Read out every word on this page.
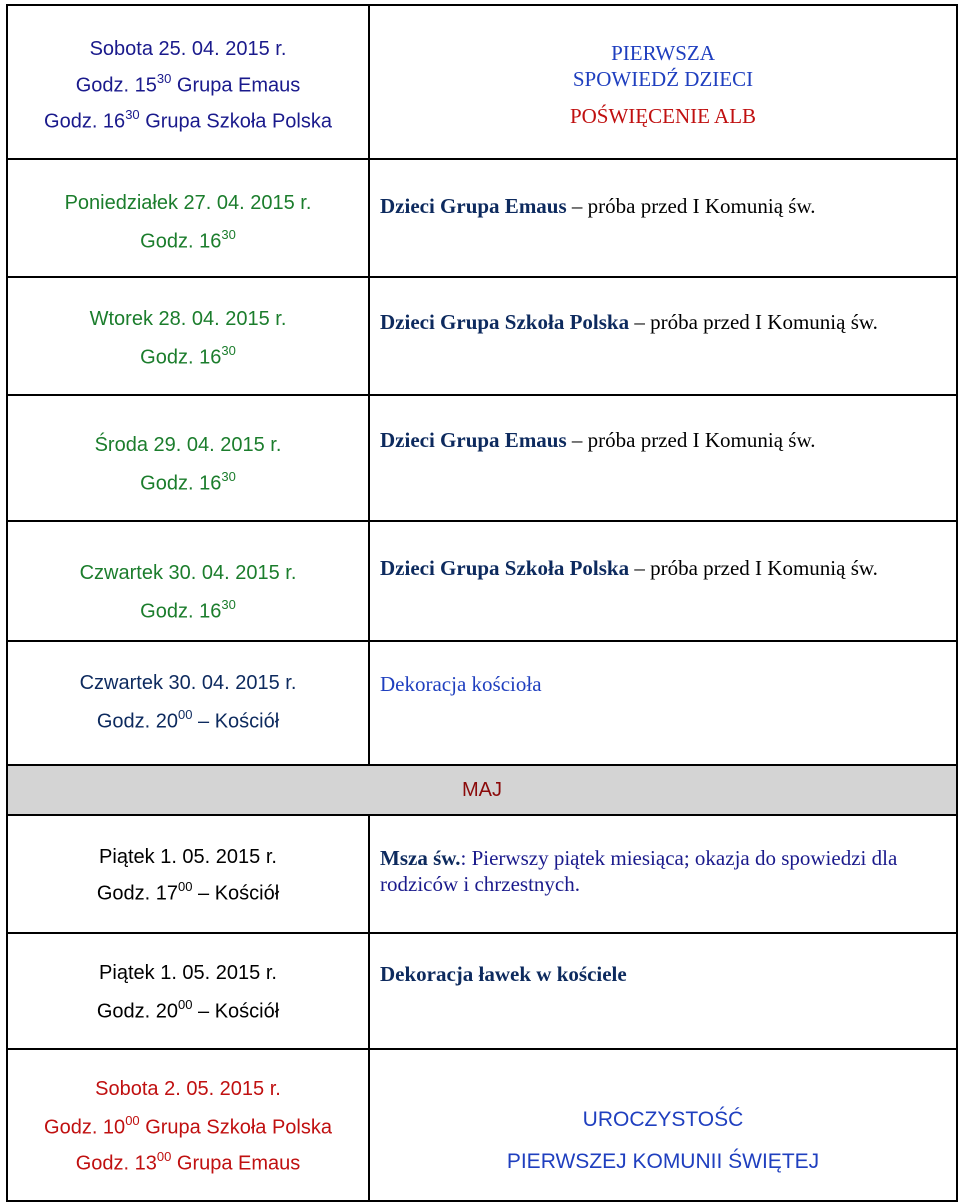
Sobota 25. 04. 2015 r.
Godz. $15^{30}$ Grupa Emaus
Godz. $16^{30}$ Grupa Szkoła Polska
PIERWSZA
SPOWIEDŹ DZIECI
POŚWIĘCENIE ALB
Poniedziałek 27. 04. 2015 r.
Godz. $16^{30}$
Dzieci Grupa Emaus – próba przed I Komunią św.
Wtorek 28. 04. 2015 r.
Godz. $16^{30}$
Dzieci Grupa Szkoła Polska – próba przed I Komunią św.
Środa 29. 04. 2015 r.
Godz. $16^{30}$
Dzieci Grupa Emaus – próba przed I Komunią św.
Czwartek 30. 04. 2015 r.
Godz. $16^{30}$
Dzieci Grupa Szkoła Polska – próba przed I Komunią św.
Czwartek 30. 04. 2015 r.
Godz. $20^{00}$ – Kościół
Dekoracja kościoła
MAJ
Piątek 1. 05. 2015 r.
Godz. $17^{00}$ – Kościół
Msza św.: Pierwszy piątek miesiąca; okazja do spowiedzi dla
rodziców i chrzestnych.
Piątek 1. 05. 2015 r.
Godz. $20^{00}$ – Kościół
Dekoracja ławek w kościele
Sobota 2. 05. 2015 r.
Godz. $10^{00}$ Grupa Szkoła Polska
Godz. $13^{00}$ Grupa Emaus
UROCZYSTOŚĆ
PIERWSZEJ KOMUNII ŚWIĘTEJ
